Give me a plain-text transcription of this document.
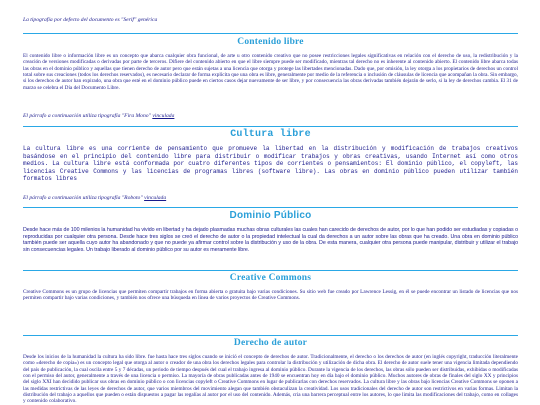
La tipografía por defecto del documento es "Serif" genérica
Contenido libre

El contenido libre o información libre es un concepto que abarca cualquier obra funcional, de arte u otro contenido creativo que no posee restricciones legales significativas en relación con el derecho de uso, la redistribución y la creación de versiones modificadas o derivadas por parte de terceros. Difiere del contenido abierto en que el libre siempre puede ser modificado, mientras tal derecho no es inherente al contenido abierto. El contenido libre abarca todas las obras en el dominio público y aquellas que tienen derecho de autor pero que están sujetas a una licencia que otorga y protege las libertades mencionadas. Dado que, por omisión, la ley otorga a los propietarios de derechos un control total sobre sus creaciones (todos los derechos reservados), es necesario declarar de forma explícita que una obra es libre, generalmente por medio de la referencia o inclusión de cláusulas de licencia que acompañan la obra. Sin embargo, si los derechos de autor han expirado, una obra que esté en el dominio público puede en ciertos casos dejar nuevamente de ser libre, y por consecuencia las obras derivadas también dejarán de serlo, si la ley de derechos cambia. El 31 de marzo se celebra el Día del Documento Libre.

El párrafo a continuación utiliza tipografía "Fira Mono" vinculada
Cultura libre

La cultura libre es una corriente de pensamiento que promueve la libertad en la distribución y modificación de trabajos creativos basándose en el principio del contenido libre para distribuir o modificar trabajos y obras creativas, usando Internet así como otros medios. La cultura libre está conformada por cuatro diferentes tipos de corrientes o pensamientos: El dominio público, el copyleft, las licencias Creative Commons y las licencias de programas libres (software libre). Las obras en dominio público pueden utilizar también formatos libres

El párrafo a continuación utiliza tipografía "Roboto" vinculada
Dominio Público

Desde hace más de 100 milenios la humanidad ha vivido en libertad y ha dejado plasmadas muchas obras culturales las cuales han carecido de derechos de autor, por lo que han podido ser estudiadas y copiadas o reproducidas por cualquier otra persona. Desde hace tres siglos se creó el derecho de autor o la propiedad intelectual la cual da derechos a un autor sobre las obras que ha creado. Una obra en dominio público también puede ser aquella cuyo autor ha abandonado y que no puede ya afirmar control sobre la distribución y uso de la obra. De esta manera, cualquier otra persona puede manipular, distribuir y utilizar el trabajo sin consecuencias legales. Un trabajo liberado al dominio público por su autor es meramente libre.

Creative Commons

Creative Commons es un grupo de licencias que permiten compartir trabajos en forma abierta o gratuita bajo varias condiciones. Su sitio web fue creado por Lawrence Lessig, en él se puede encontrar un listado de licencias que nos permiten compartir bajo varias condiciones, y también nos ofrece una búsqueda en línea de varios proyectos de Creative Commons.

Derecho de autor

Desde los inicios de la humanidad la cultura ha sido libre. fue hasta hace tres siglos cuando se inició el concepto de derechos de autor. Tradicionalmente, el derecho o los derechos de autor (en inglés copyright, traducción literalmente como «derecho de copia») es un concepto legal que otorga al autor o creador de una obra los derechos legales para controlar la distribución y utilización de dicha obra. El derecho de autor suele tener una vigencia limitada dependiendo del país de publicación, la cual oscila entre 5 y 7 décadas, un periodo de tiempo después del cual el trabajo ingresa al dominio público. Durante la vigencia de los derechos, las obras sólo pueden ser distribuidas, exhibidas o modificadas con el permiso del autor, generalmente a través de una licencia o permiso. La mayoría de obras publicadas antes de 1940 se encuentran hoy en día bajo el dominio público. Muchos autores de obras de finales del siglo XX y principios del siglo XXI han decidido publicar sus obras en dominio público o con licencias copyleft o Creative Commons en lugar de publicarlas con derechos reservados. La cultura libre y las obras bajo licencias Creative Commons se oponen a las medidas restrictivas de las leyes de derechos de autor, que varios miembros del movimiento alegan que también obstaculizan la creatividad. Los usos tradicionales del derecho de autor son restrictivos en varias formas. Limitan la distribución del trabajo a aquellos que pueden o están dispuestos a pagar las regalías al autor por el uso del contenido. Además, cria una barrera perceptual entre los autores, lo que limita las modificaciones del trabajo, como en collages y contenido colaborativo.
